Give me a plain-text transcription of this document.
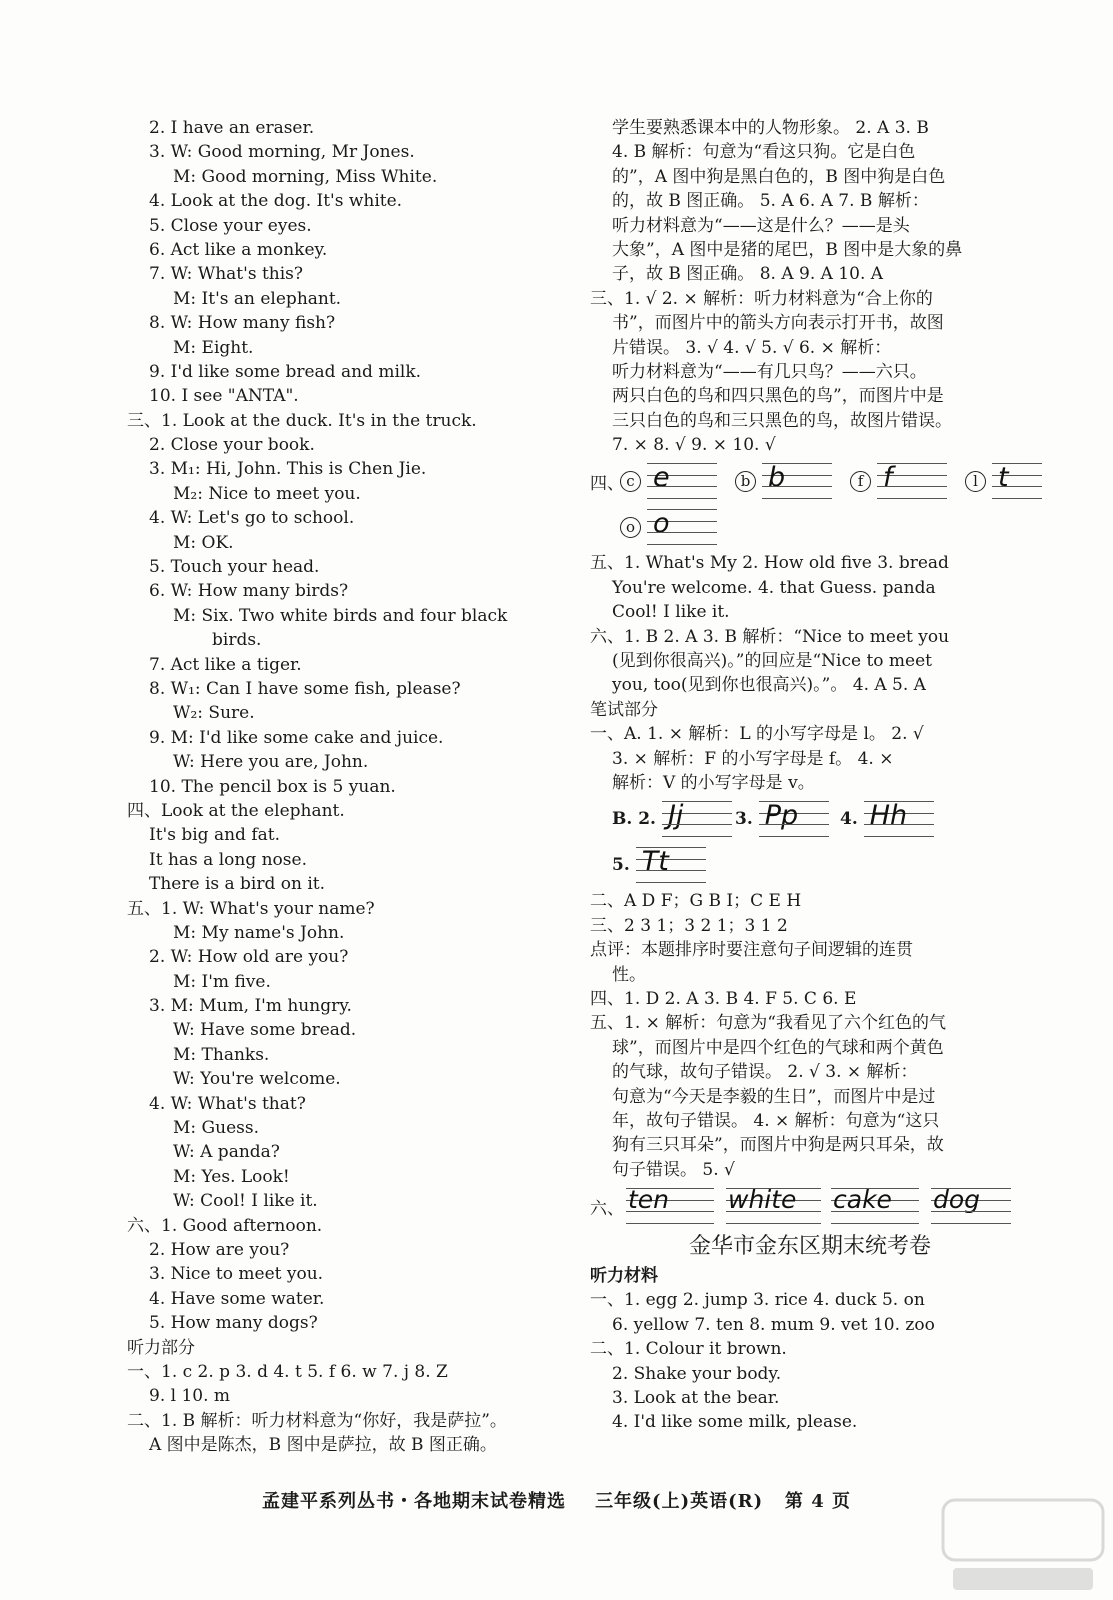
2. I have an eraser.
3. W: Good morning, Mr Jones.
M: Good morning, Miss White.
4. Look at the dog. It's white.
5. Close your eyes.
6. Act like a monkey.
7. W: What's this?
M: It's an elephant.
8. W: How many fish?
M: Eight.
9. I'd like some bread and milk.
10. I see "ANTA".
三、1. Look at the duck. It's in the truck.
2. Close your book.
3. M₁: Hi, John. This is Chen Jie.
M₂: Nice to meet you.
4. W: Let's go to school.
M: OK.
5. Touch your head.
6. W: How many birds?
M: Six. Two white birds and four black
birds.
7. Act like a tiger.
8. W₁: Can I have some fish, please?
W₂: Sure.
9. M: I'd like some cake and juice.
W: Here you are, John.
10. The pencil box is 5 yuan.
四、Look at the elephant.
It's big and fat.
It has a long nose.
There is a bird on it.
五、1. W: What's your name?
M: My name's John.
2. W: How old are you?
M: I'm five.
3. M: Mum, I'm hungry.
W: Have some bread.
M: Thanks.
W: You're welcome.
4. W: What's that?
M: Guess.
W: A panda?
M: Yes. Look!
W: Cool! I like it.
六、1. Good afternoon.
2. How are you?
3. Nice to meet you.
4. Have some water.
5. How many dogs?
听力部分
一、1. c 2. p 3. d 4. t 5. f 6. w 7. j 8. Z
9. l 10. m
二、1. B 解析：听力材料意为“你好，我是萨拉”。
A 图中是陈杰，B 图中是萨拉，故 B 图正确。
学生要熟悉课本中的人物形象。 2. A 3. B
4. B 解析：句意为“看这只狗。它是白色
的”，A 图中狗是黑白色的，B 图中狗是白色
的，故 B 图正确。 5. A 6. A 7. B 解析：
听力材料意为“——这是什么？——是头
大象”，A 图中是猪的尾巴，B 图中是大象的鼻
子，故 B 图正确。 8. A 9. A 10. A
三、1. √ 2. × 解析：听力材料意为“合上你的
书”，而图片中的箭头方向表示打开书，故图
片错误。 3. √ 4. √ 5. √ 6. × 解析：
听力材料意为“——有几只鸟？——六只。
两只白色的鸟和四只黑色的鸟”，而图片中是
三只白色的鸟和三只黑色的鸟，故图片错误。
7. × 8. √ 9. × 10. √
四、 c e	b b	f f	l t
o o
五、1. What's My 2. How old five 3. bread
You're welcome. 4. that Guess. panda
Cool! I like it.
六、1. B 2. A 3. B 解析：“Nice to meet you
(见到你很高兴)。”的回应是“Nice to meet
you, too(见到你也很高兴)。”。 4. A 5. A
笔试部分
一、A. 1. × 解析：L 的小写字母是 l。 2. √
3. × 解析：F 的小写字母是 f。 4. ×
解析：V 的小写字母是 v。
B. 2. Jj	3. Pp 4. Hh
5. Tt
二、A D F；G B I；C E H
三、2 3 1；3 2 1；3 1 2
点评：本题排序时要注意句子间逻辑的连贯
性。
四、1. D 2. A 3. B 4. F 5. C 6. E
五、1. × 解析：句意为“我看见了六个红色的气
球”，而图片中是四个红色的气球和两个黄色
的气球，故句子错误。 2. √ 3. × 解析：
句意为“今天是李毅的生日”，而图片中是过
年，故句子错误。 4. × 解析：句意为“这只
狗有三只耳朵”，而图片中狗是两只耳朵，故
句子错误。 5. √
六、 ten white cake dog
金华市金东区期末统考卷
听力材料
一、1. egg 2. jump 3. rice 4. duck 5. on
6. yellow 7. ten 8. mum 9. vet 10. zoo
二、1. Colour it brown.
2. Shake your body.
3. Look at the bear.
4. I'd like some milk, please.
孟建平系列丛书・各地期末试卷精选 三年级(上)英语(R) 第 4 页
